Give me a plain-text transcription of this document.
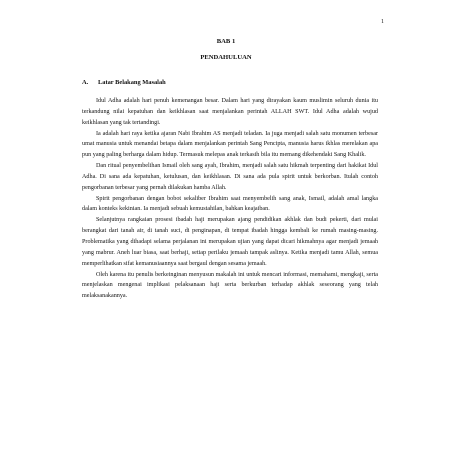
1
BAB 1
PENDAHULUAN
A. Latar Belakang Masalah

Idul Adha adalah hari penuh kemenangan besar. Dalam hari yang dirayakan kaum muslimin seluruh dunia itu terkandung nilai kepatuhan dan keikhlasan saat menjalankan perintah ALLAH SWT. Idul Adha adalah wujud keikhlasan yang tak tertandingi.

Ia adalah hari raya ketika ajaran Nabi Ibrahim AS menjadi teladan. Ia juga menjadi salah satu monumen terbesar umat manusia untuk menandai betapa dalam menjalankan perintah Sang Pencipta, manusia harus ikhlas merelakan apa pun yang paling berharga dalam hidup. Termasuk melepas anak terkasih bila itu memang dikehendaki Sang Khalik.

Dan ritual penyembelihan Ismail oleh sang ayah, Ibrahim, menjadi salah satu hikmah terpenting dari hakikat Idul Adha. Di sana ada kepatuhan, ketulusan, dan keikhlasan. Di sana ada pula spirit untuk berkorban. Itulah contoh pengorbanan terbesar yang pernah dilakukan hamba Allah.

Spirit pengorbanan dengan bobot sekaliber Ibrahim saat menyembelih sang anak, Ismail, adalah amal langka dalam konteks kekinian. Ia menjadi sebuah kemustahilan, bahkan keajaiban.

Selanjutnya rangkaian prosesi ibadah haji merupakan ajang pendidikan akhlak dan budi pekerti, dari mulai berangkat dari tanah air, di tanah suci, di penginapan, di tempat ibadah hingga kembali ke rumah masing-masing. Problematika yang dihadapi selama perjalanan ini merupakan ujian yang dapat dicari hikmahnya agar menjadi jemaah yang mabrur. Aneh luar biasa, saat berhaji, setiap perilaku jemaah tampak aslinya. Ketika menjadi tamu Allah, semua memperlihatkan sifat kemanusiaannya saat bergaul dengan sesama jemaah.

Oleh karena itu penulis berkeinginan menyusun makalah ini untuk mencari informasi, memahami, mengkaji, serta menjelaskan mengenai implikasi pelaksanaan haji serta berkurban terhadap akhlak seseorang yang telah melaksanakannya.
